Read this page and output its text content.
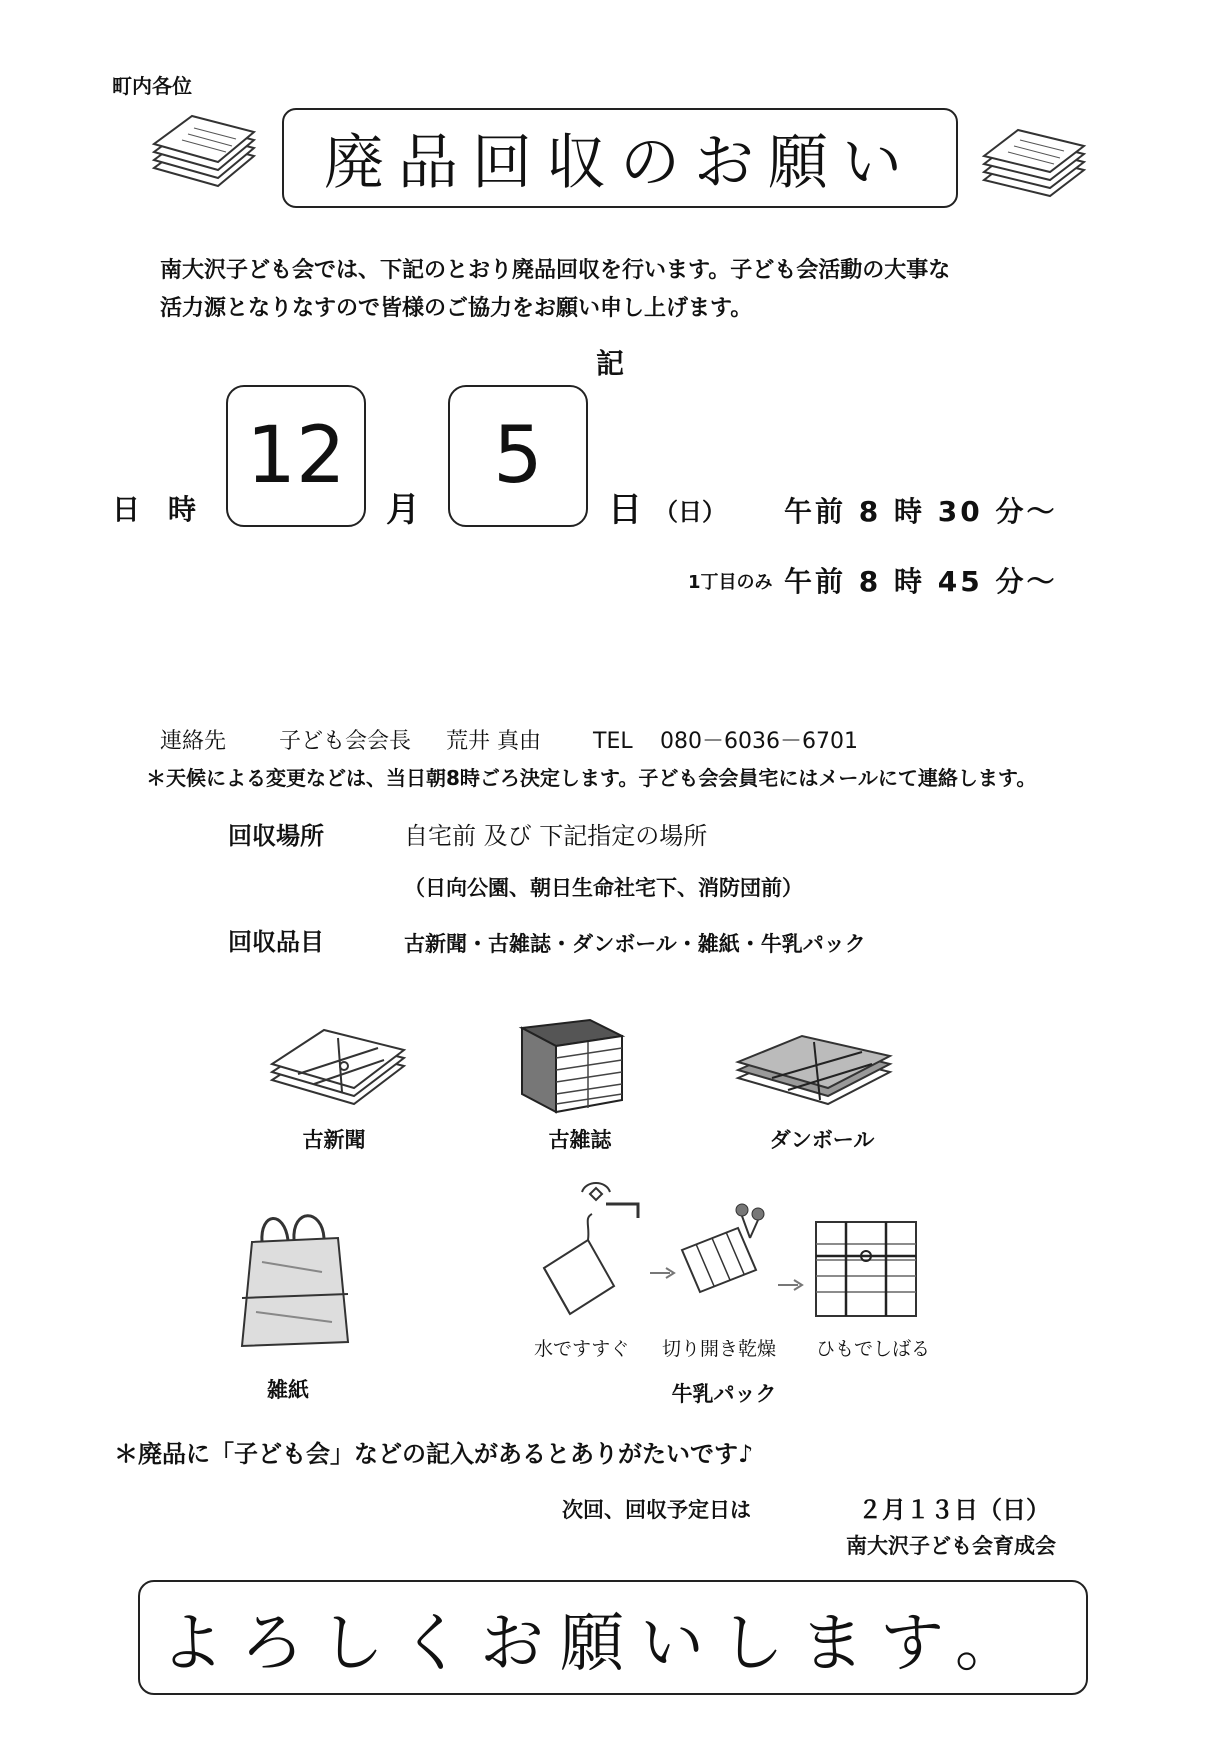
町内各位
廃品回収のお願い
南大沢子ども会では、下記のとおり廃品回収を行います。子ども会活動の大事な
活力源となりなすので皆様のご協力をお願い申し上げます。
記
日　時
12
月
5
日 （日） 午前 8 時 30 分～
1丁目のみ 午前 8 時 45 分～
連絡先 子ども会会長 荒井 真由 TEL 080－6036－6701
＊天候による変更などは、当日朝8時ごろ決定します。子ども会会員宅にはメールにて連絡します。
回収場所	自宅前 及び 下記指定の場所
（日向公園、朝日生命社宅下、消防団前）
回収品目	古新聞・古雑誌・ダンボール・雑紙・牛乳パック
古新聞	古雑誌	ダンボール
雑紙
水ですすぐ 切り開き乾燥 ひもでしばる
牛乳パック
＊廃品に「子ども会」などの記入があるとありがたいです♪
次回、回収予定日は	２月１３日（日）
南大沢子ども会育成会
よろしくお願いします。
